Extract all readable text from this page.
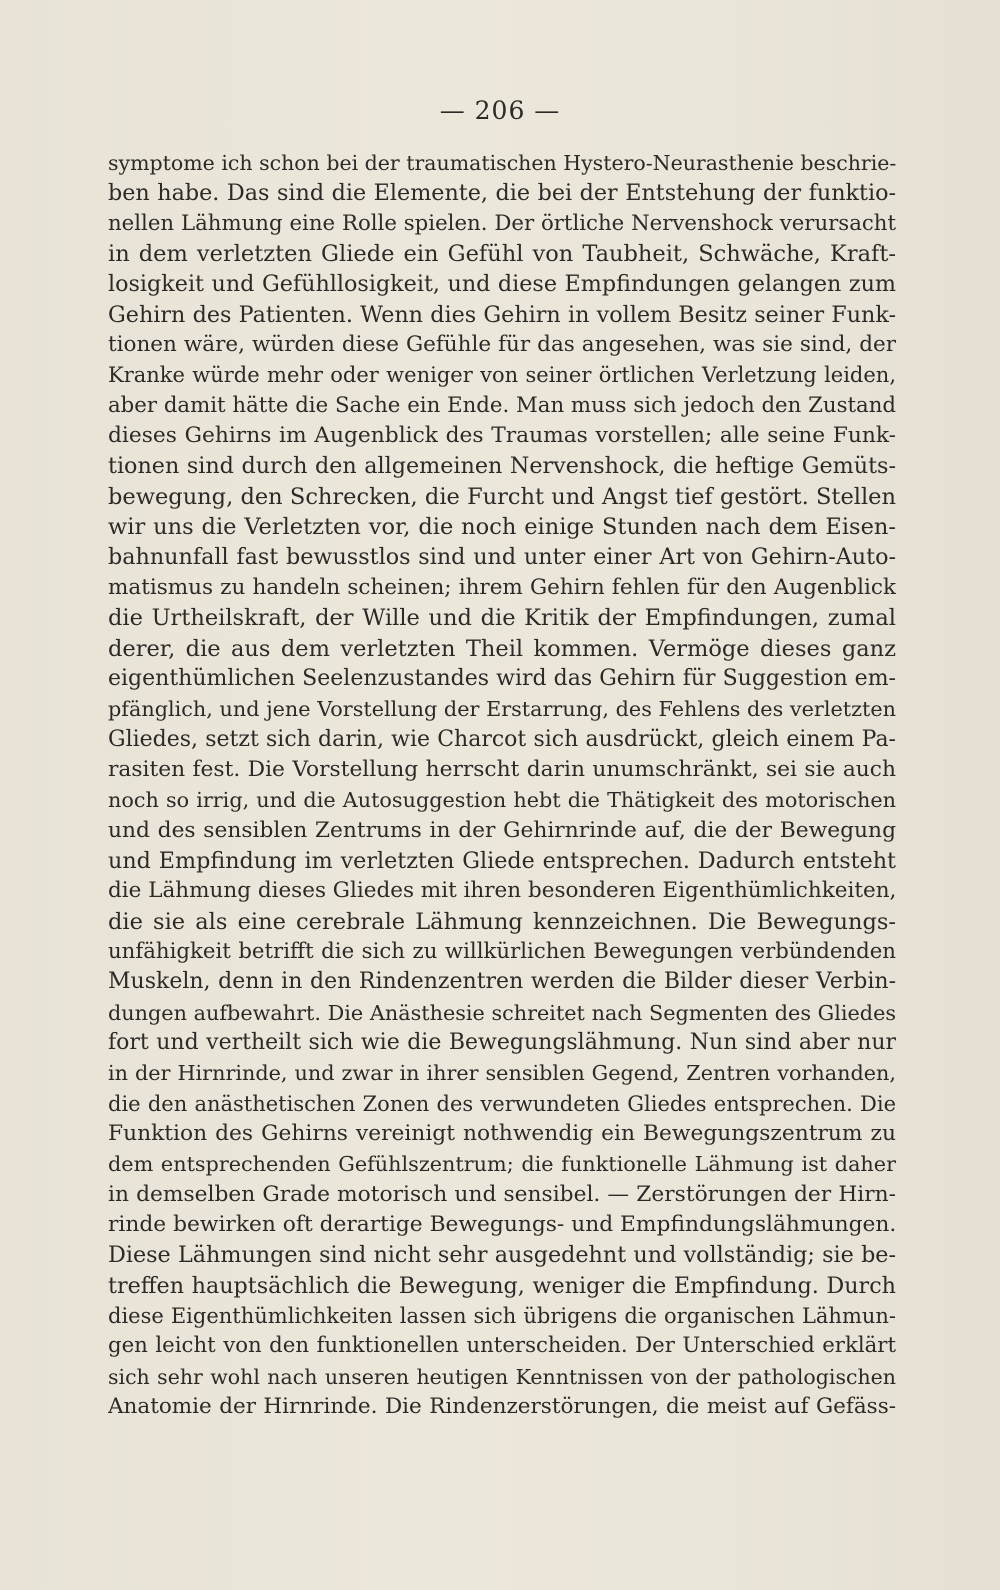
— 206 —
symptome ich schon bei der traumatischen Hystero-Neurasthenie beschrie-
ben habe. Das sind die Elemente, die bei der Entstehung der funktio-
nellen Lähmung eine Rolle spielen. Der örtliche Nervenshock verursacht
in dem verletzten Gliede ein Gefühl von Taubheit, Schwäche, Kraft-
losigkeit und Gefühllosigkeit, und diese Empfindungen gelangen zum
Gehirn des Patienten. Wenn dies Gehirn in vollem Besitz seiner Funk-
tionen wäre, würden diese Gefühle für das angesehen, was sie sind, der
Kranke würde mehr oder weniger von seiner örtlichen Verletzung leiden,
aber damit hätte die Sache ein Ende. Man muss sich jedoch den Zustand
dieses Gehirns im Augenblick des Traumas vorstellen; alle seine Funk-
tionen sind durch den allgemeinen Nervenshock, die heftige Gemüts-
bewegung, den Schrecken, die Furcht und Angst tief gestört. Stellen
wir uns die Verletzten vor, die noch einige Stunden nach dem Eisen-
bahnunfall fast bewusstlos sind und unter einer Art von Gehirn-Auto-
matismus zu handeln scheinen; ihrem Gehirn fehlen für den Augenblick
die Urtheilskraft, der Wille und die Kritik der Empfindungen, zumal
derer, die aus dem verletzten Theil kommen. Vermöge dieses ganz
eigenthümlichen Seelenzustandes wird das Gehirn für Suggestion em-
pfänglich, und jene Vorstellung der Erstarrung, des Fehlens des verletzten
Gliedes, setzt sich darin, wie Charcot sich ausdrückt, gleich einem Pa-
rasiten fest. Die Vorstellung herrscht darin unumschränkt, sei sie auch
noch so irrig, und die Autosuggestion hebt die Thätigkeit des motorischen
und des sensiblen Zentrums in der Gehirnrinde auf, die der Bewegung
und Empfindung im verletzten Gliede entsprechen. Dadurch entsteht
die Lähmung dieses Gliedes mit ihren besonderen Eigenthümlichkeiten,
die sie als eine cerebrale Lähmung kennzeichnen. Die Bewegungs-
unfähigkeit betrifft die sich zu willkürlichen Bewegungen verbündenden
Muskeln, denn in den Rindenzentren werden die Bilder dieser Verbin-
dungen aufbewahrt. Die Anästhesie schreitet nach Segmenten des Gliedes
fort und vertheilt sich wie die Bewegungslähmung. Nun sind aber nur
in der Hirnrinde, und zwar in ihrer sensiblen Gegend, Zentren vorhanden,
die den anästhetischen Zonen des verwundeten Gliedes entsprechen. Die
Funktion des Gehirns vereinigt nothwendig ein Bewegungszentrum zu
dem entsprechenden Gefühlszentrum; die funktionelle Lähmung ist daher
in demselben Grade motorisch und sensibel. — Zerstörungen der Hirn-
rinde bewirken oft derartige Bewegungs- und Empfindungslähmungen.
Diese Lähmungen sind nicht sehr ausgedehnt und vollständig; sie be-
treffen hauptsächlich die Bewegung, weniger die Empfindung. Durch
diese Eigenthümlichkeiten lassen sich übrigens die organischen Lähmun-
gen leicht von den funktionellen unterscheiden. Der Unterschied erklärt
sich sehr wohl nach unseren heutigen Kenntnissen von der pathologischen
Anatomie der Hirnrinde. Die Rindenzerstörungen, die meist auf Gefäss-
